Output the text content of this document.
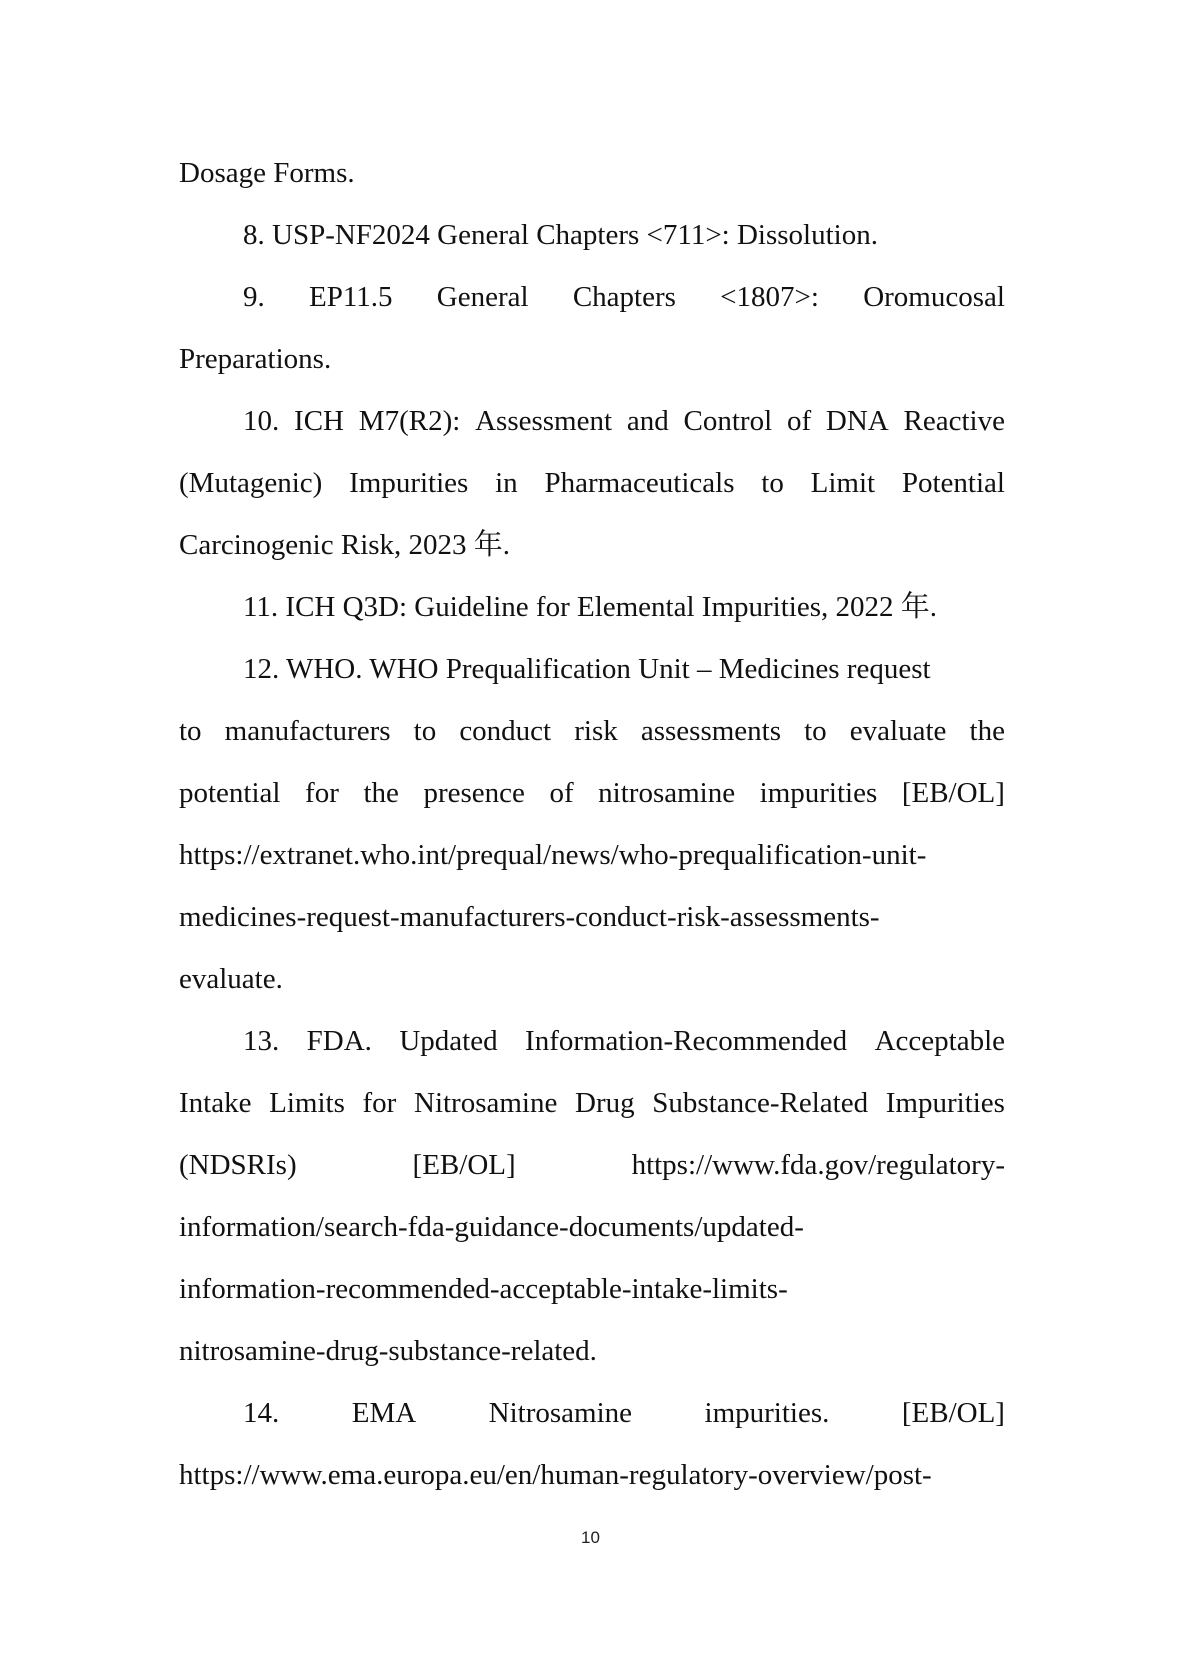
Dosage Forms.
8. USP-NF2024 General Chapters <711>: Dissolution.
9. EP11.5 General Chapters <1807>: Oromucosal
Preparations.
10. ICH M7(R2): Assessment and Control of DNA Reactive
(Mutagenic) Impurities in Pharmaceuticals to Limit Potential
Carcinogenic Risk, 2023 年.
11. ICH Q3D: Guideline for Elemental Impurities, 2022 年.
12. WHO. WHO Prequalification Unit – Medicines request
to manufacturers to conduct risk assessments to evaluate the
potential for the presence of nitrosamine impurities [EB/OL]
https://extranet.who.int/prequal/news/who-prequalification-unit-
medicines-request-manufacturers-conduct-risk-assessments-
evaluate.
13. FDA. Updated Information-Recommended Acceptable
Intake Limits for Nitrosamine Drug Substance-Related Impurities
(NDSRIs)	[EB/OL]	https://www.fda.gov/regulatory-
information/search-fda-guidance-documents/updated-
information-recommended-acceptable-intake-limits-
nitrosamine-drug-substance-related.
14. EMA Nitrosamine impurities. [EB/OL]
https://www.ema.europa.eu/en/human-regulatory-overview/post-
10
